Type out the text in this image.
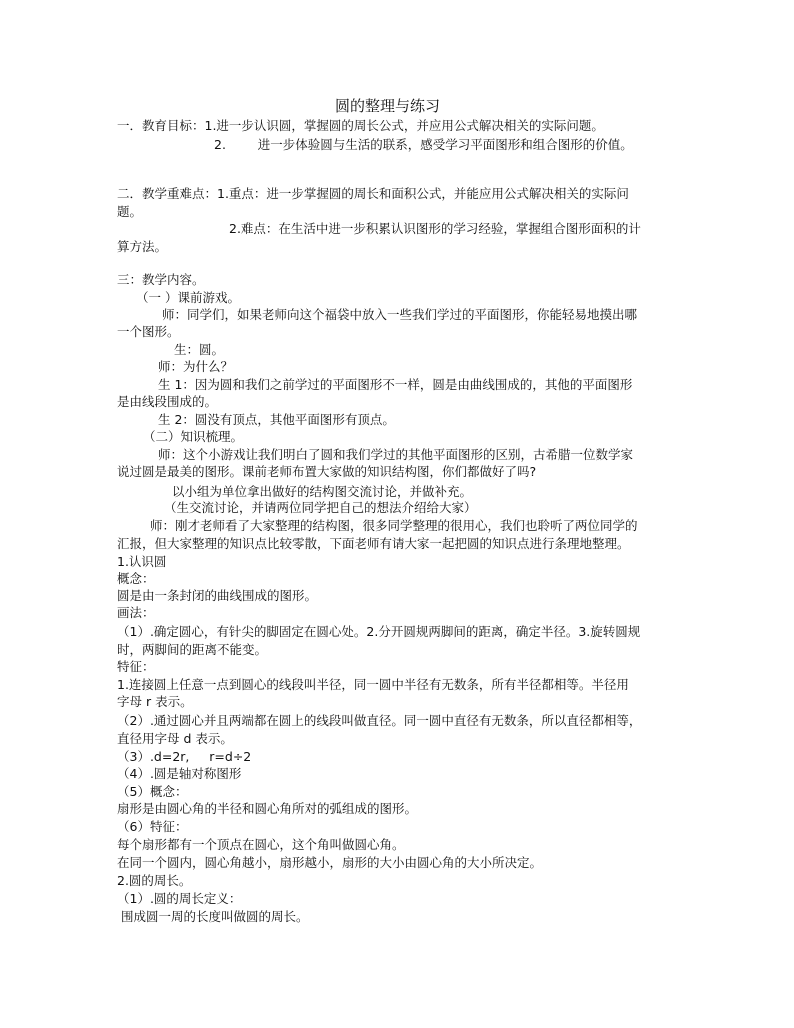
圆的整理与练习
一．教育目标：1.进一步认识圆，掌握圆的周长公式，并应用公式解决相关的实际问题。
2.        进一步体验圆与生活的联系，感受学习平面图形和组合图形的价值。
二．教学重难点：1.重点：进一步掌握圆的周长和面积公式，并能应用公式解决相关的实际问
题。
2.难点：在生活中进一步积累认识图形的学习经验，掌握组合图形面积的计
算方法。
三：教学内容。
（一 ）课前游戏。
师：同学们，如果老师向这个福袋中放入一些我们学过的平面图形，你能轻易地摸出哪
一个图形。
生：圆。
师：为什么？
生 1：因为圆和我们之前学过的平面图形不一样，圆是由曲线围成的，其他的平面图形
是由线段围成的。
生 2：圆没有顶点，其他平面图形有顶点。
（二）知识梳理。
师：这个小游戏让我们明白了圆和我们学过的其他平面图形的区别，古希腊一位数学家
说过圆是最美的图形。课前老师布置大家做的知识结构图，你们都做好了吗?
以小组为单位拿出做好的结构图交流讨论，并做补充。
（生交流讨论，并请两位同学把自己的想法介绍给大家）
师：刚才老师看了大家整理的结构图，很多同学整理的很用心，我们也聆听了两位同学的
汇报，但大家整理的知识点比较零散，下面老师有请大家一起把圆的知识点进行条理地整理。
1.认识圆
概念：
圆是由一条封闭的曲线围成的图形。
画法：
（1）.确定圆心，有针尖的脚固定在圆心处。2.分开圆规两脚间的距离，确定半径。3.旋转圆规
时，两脚间的距离不能变。
特征：
1.连接圆上任意一点到圆心的线段叫半径，同一圆中半径有无数条，所有半径都相等。半径用
字母 r 表示。
（2）.通过圆心并且两端都在圆上的线段叫做直径。同一圆中直径有无数条，所以直径都相等，
直径用字母 d 表示。
（3）.d=2r,     r=d÷2
（4）.圆是轴对称图形
（5）概念：
扇形是由圆心角的半径和圆心角所对的弧组成的图形。
（6）特征：
每个扇形都有一个顶点在圆心，这个角叫做圆心角。
在同一个圆内，圆心角越小，扇形越小，扇形的大小由圆心角的大小所决定。
2.圆的周长。
（1）.圆的周长定义：
围成圆一周的长度叫做圆的周长。
